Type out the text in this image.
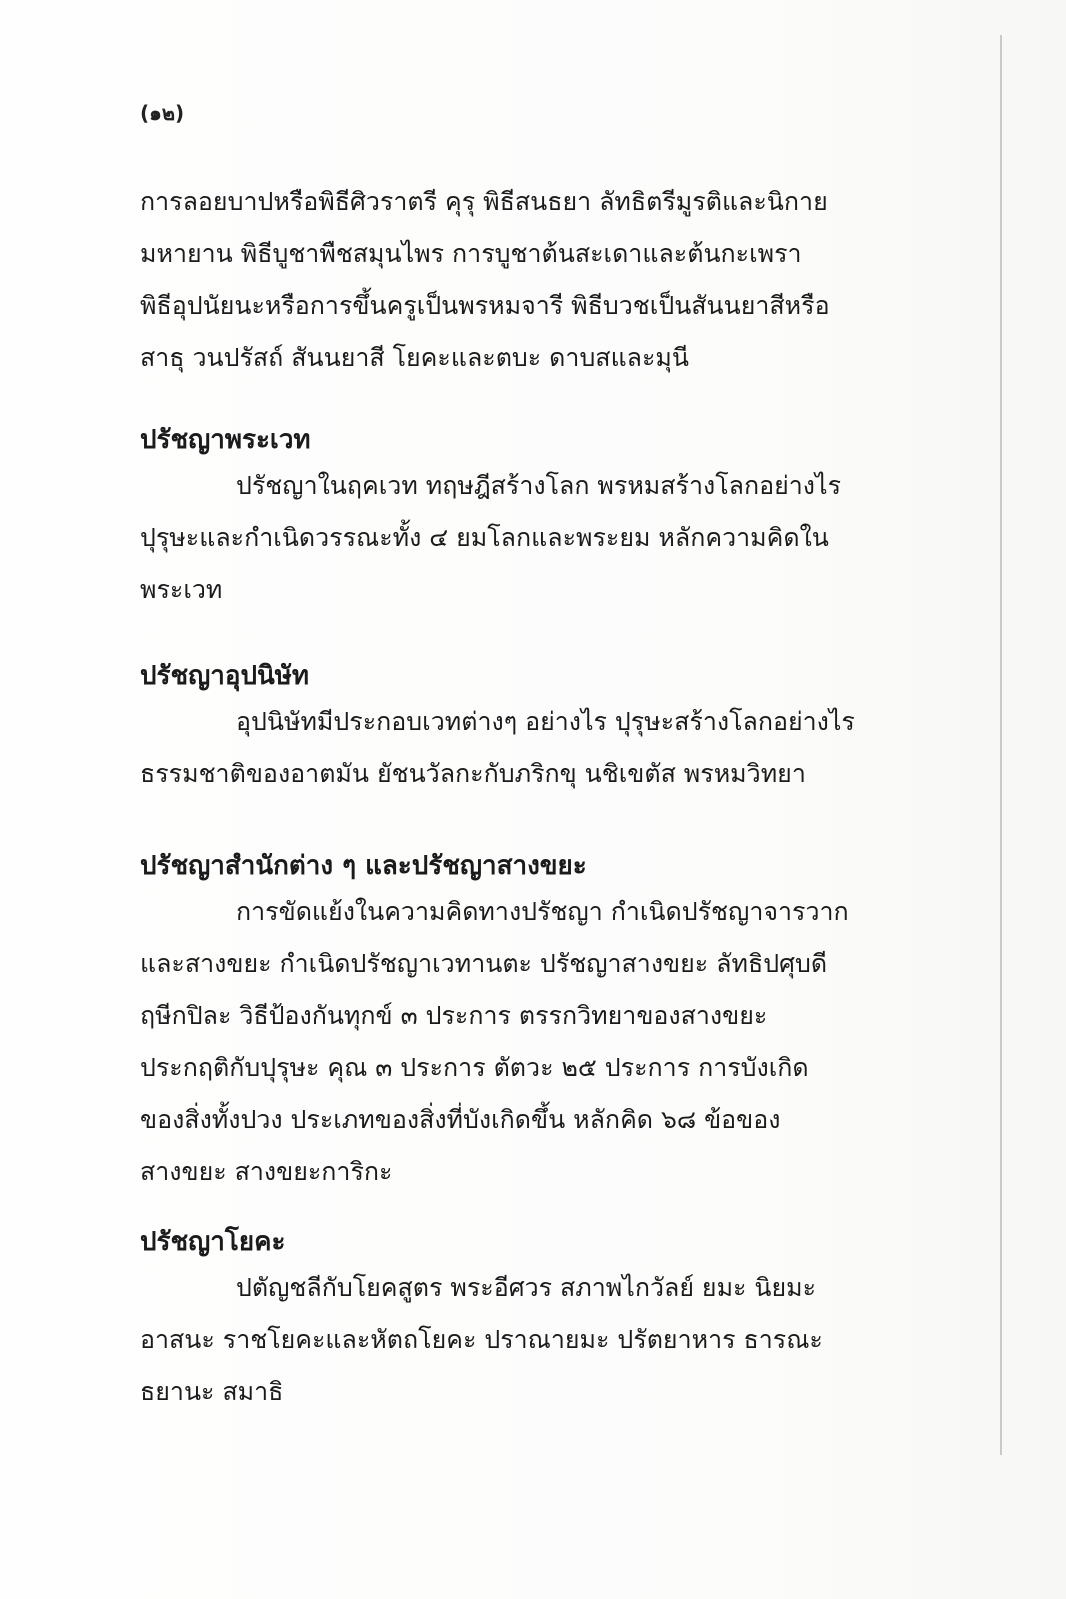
(๑๒)
การลอยบาปหรือพิธีศิวราตรี คุรุ พิธีสนธยา ลัทธิตรีมูรติและนิกาย
มหายาน พิธีบูชาพืชสมุนไพร การบูชาต้นสะเดาและต้นกะเพรา
พิธีอุปนัยนะหรือการขึ้นครูเป็นพรหมจารี พิธีบวชเป็นสันนยาสีหรือ
สาธุ วนปรัสถ์ สันนยาสี โยคะและตบะ ดาบสและมุนี
ปรัชญาพระเวท
ปรัชญาในฤคเวท ทฤษฎีสร้างโลก พรหมสร้างโลกอย่างไร
ปุรุษะและกำเนิดวรรณะทั้ง ๔ ยมโลกและพระยม หลักความคิดใน
พระเวท
ปรัชญาอุปนิษัท
อุปนิษัทมีประกอบเวทต่างๆ อย่างไร ปุรุษะสร้างโลกอย่างไร
ธรรมชาติของอาตมัน ยัชนวัลกะกับภริกขุ นชิเขตัส พรหมวิทยา
ปรัชญาสำนักต่าง ๆ และปรัชญาสางขยะ
การขัดแย้งในความคิดทางปรัชญา กำเนิดปรัชญาจารวาก
และสางขยะ กำเนิดปรัชญาเวทานตะ ปรัชญาสางขยะ ลัทธิปศุบดี
ฤษีกปิละ วิธีป้องกันทุกข์ ๓ ประการ ตรรกวิทยาของสางขยะ
ประกฤติกับปุรุษะ คุณ ๓ ประการ ตัตวะ ๒๕ ประการ การบังเกิด
ของสิ่งทั้งปวง ประเภทของสิ่งที่บังเกิดขึ้น หลักคิด ๖๘ ข้อของ
สางขยะ สางขยะการิกะ
ปรัชญาโยคะ
ปตัญชลีกับโยคสูตร พระอีศวร สภาพไกวัลย์ ยมะ นิยมะ
อาสนะ ราชโยคะและหัตถโยคะ ปราณายมะ ปรัตยาหาร ธารณะ
ธยานะ สมาธิ
